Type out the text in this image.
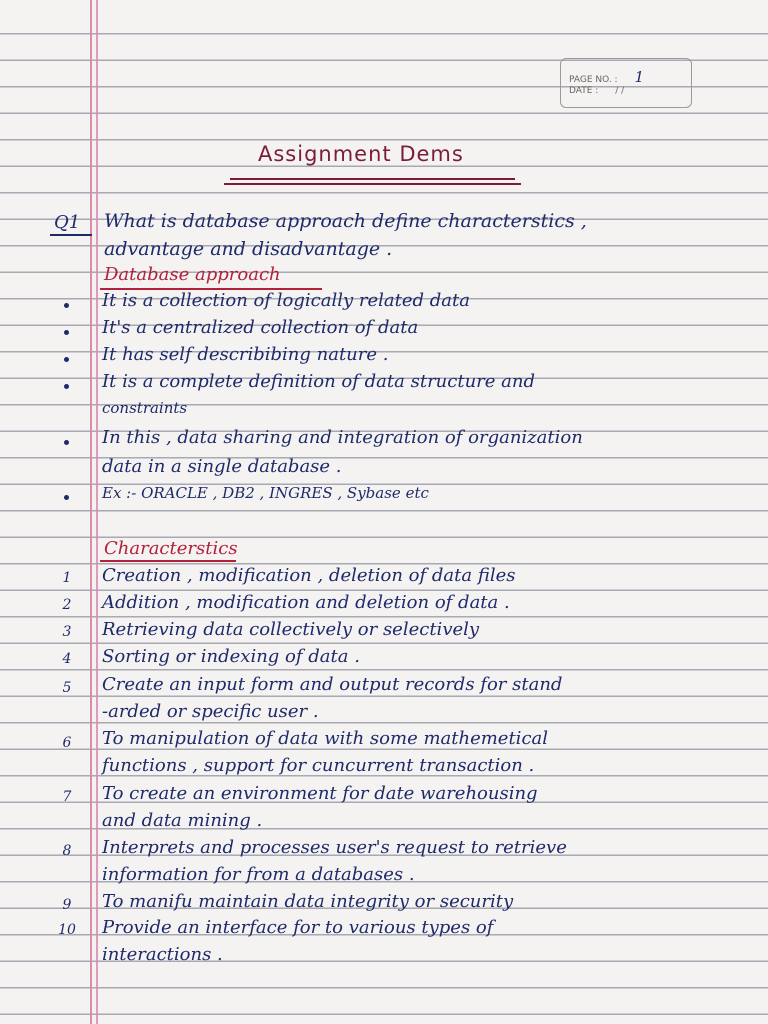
PAGE NO. : 1
DATE : / /
Assignment Dems
Q1 What is database approach define characterstics ,
advantage and disadvantage .
Database approach
It is a collection of logically related data
It's a centralized collection of data
It has self describibing nature .
It is a complete definition of data structure and
constraints
In this , data sharing and integration of organization
data in a single database .
Ex :- ORACLE , DB2 , INGRES , Sybase etc
Characterstics
1	Creation , modification , deletion of data files
2	Addition , modification and deletion of data .
3	Retrieving data collectively or selectively
4	Sorting or indexing of data .
5	Create an input form and output records for stand
-arded or specific user .
6	To manipulation of data with some mathemetical
functions , support for cuncurrent transaction .
7	To create an environment for date warehousing
and data mining .
8	Interprets and processes user's request to retrieve
information for from a databases .
9	To manifu maintain data integrity or security
10	Provide an interface for to various types of
interactions .
